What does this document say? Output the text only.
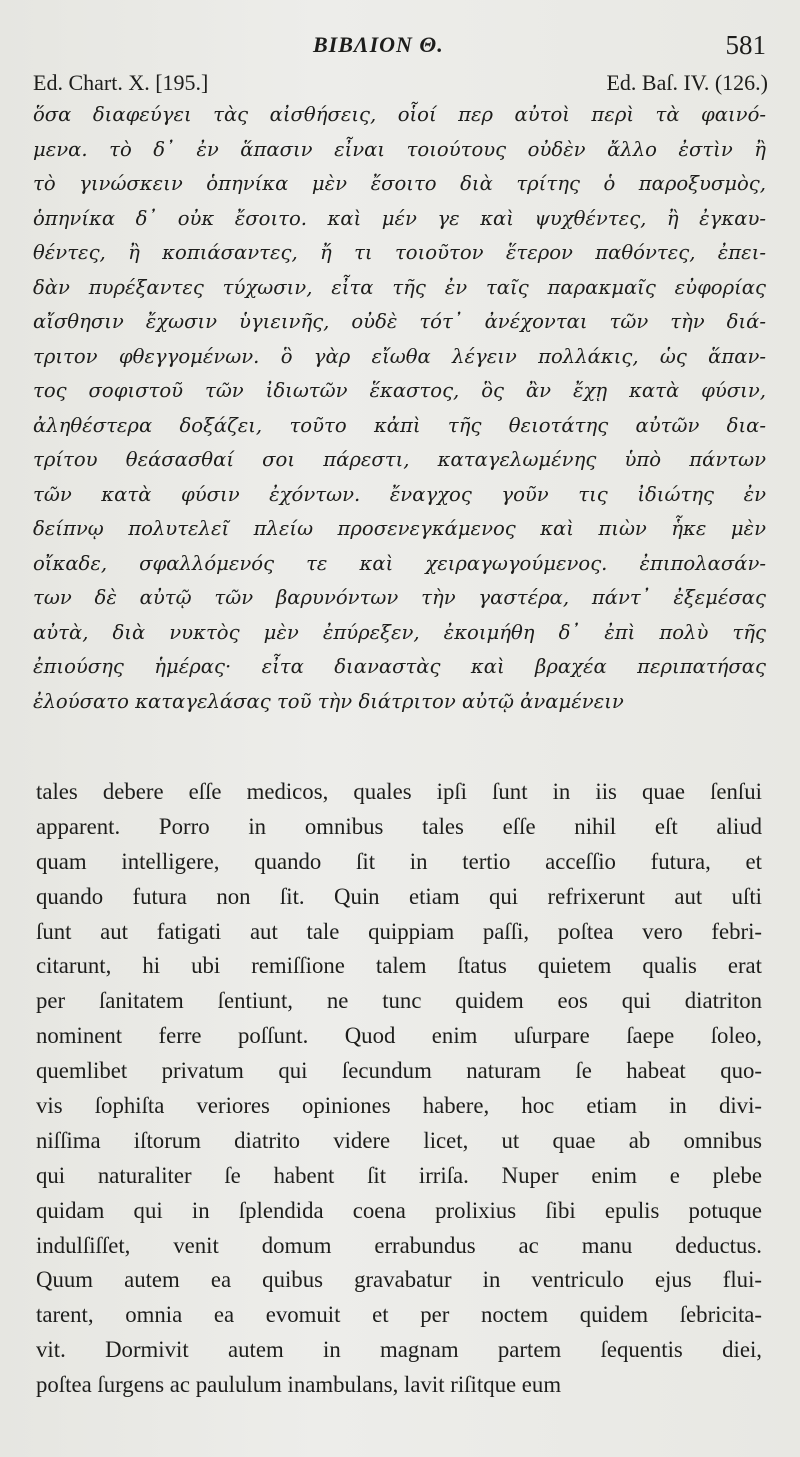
ΒΙΒΛΙΟΝ Θ.	581
Ed. Chart. X. [195.]	Ed. Baſ. IV. (126.)
ὅσα διαφεύγει τὰς αἰσθήσεις, οἷοί περ αὐτοὶ περὶ τὰ φαινό-
μενα. τὸ δ᾽ ἐν ἅπασιν εἶναι τοιούτους οὐδὲν ἄλλο ἐστὶν ἢ
τὸ γινώσκειν ὁπηνίκα μὲν ἔσοιτο διὰ τρίτης ὁ παροξυσμὸς,
ὁπηνίκα δ᾽ οὐκ ἔσοιτο. καὶ μέν γε καὶ ψυχθέντες, ἢ ἐγκαυ-
θέντες, ἢ κοπιάσαντες, ἤ τι τοιοῦτον ἕτερον παθόντες, ἐπει-
δὰν πυρέξαντες τύχωσιν, εἶτα τῆς ἐν ταῖς παρακμαῖς εὐφορίας
αἴσθησιν ἔχωσιν ὑγιεινῆς, οὐδὲ τότ᾽ ἀνέχονται τῶν τὴν διά-
τριτον φθεγγομένων. ὃ γὰρ εἴωθα λέγειν πολλάκις, ὡς ἅπαν-
τος σοφιστοῦ τῶν ἰδιωτῶν ἕκαστος, ὃς ἂν ἔχῃ κατὰ φύσιν,
ἀληθέστερα δοξάζει, τοῦτο κἀπὶ τῆς θειοτάτης αὐτῶν δια-
τρίτου θεάσασθαί σοι πάρεστι, καταγελωμένης ὑπὸ πάντων
τῶν κατὰ φύσιν ἐχόντων. ἔναγχος γοῦν τις ἰδιώτης ἐν
δείπνῳ πολυτελεῖ πλείω προσενεγκάμενος καὶ πιὼν ἧκε μὲν
οἴκαδε, σφαλλόμενός τε καὶ χειραγωγούμενος. ἐπιπολασάν-
των δὲ αὐτῷ τῶν βαρυνόντων τὴν γαστέρα, πάντ᾽ ἐξεμέσας
αὐτὰ, διὰ νυκτὸς μὲν ἐπύρεξεν, ἐκοιμήθη δ᾽ ἐπὶ πολὺ τῆς
ἐπιούσης ἡμέρας· εἶτα διαναστὰς καὶ βραχέα περιπατήσας
ἐλούσατο καταγελάσας τοῦ τὴν διάτριτον αὐτῷ ἀναμένειν
tales debere eſſe medicos, quales ipſi ſunt in iis quae ſenſui
apparent. Porro in omnibus tales eſſe nihil eſt aliud
quam intelligere, quando ſit in tertio acceſſio futura, et
quando futura non ſit. Quin etiam qui refrixerunt aut uſti
ſunt aut fatigati aut tale quippiam paſſi, poſtea vero febri-
citarunt, hi ubi remiſſione talem ſtatus quietem qualis erat
per ſanitatem ſentiunt, ne tunc quidem eos qui diatriton
nominent ferre poſſunt. Quod enim uſurpare ſaepe ſoleo,
quemlibet privatum qui ſecundum naturam ſe habeat quo-
vis ſophiſta veriores opiniones habere, hoc etiam in divi-
niſſima iſtorum diatrito videre licet, ut quae ab omnibus
qui naturaliter ſe habent ſit irriſa. Nuper enim e plebe
quidam qui in ſplendida coena prolixius ſibi epulis potuque
indulſiſſet, venit domum errabundus ac manu deductus.
Quum autem ea quibus gravabatur in ventriculo ejus flui-
tarent, omnia ea evomuit et per noctem quidem ſebricita-
vit. Dormivit autem in magnam partem ſequentis diei,
poſtea ſurgens ac paululum inambulans, lavit riſitque eum
